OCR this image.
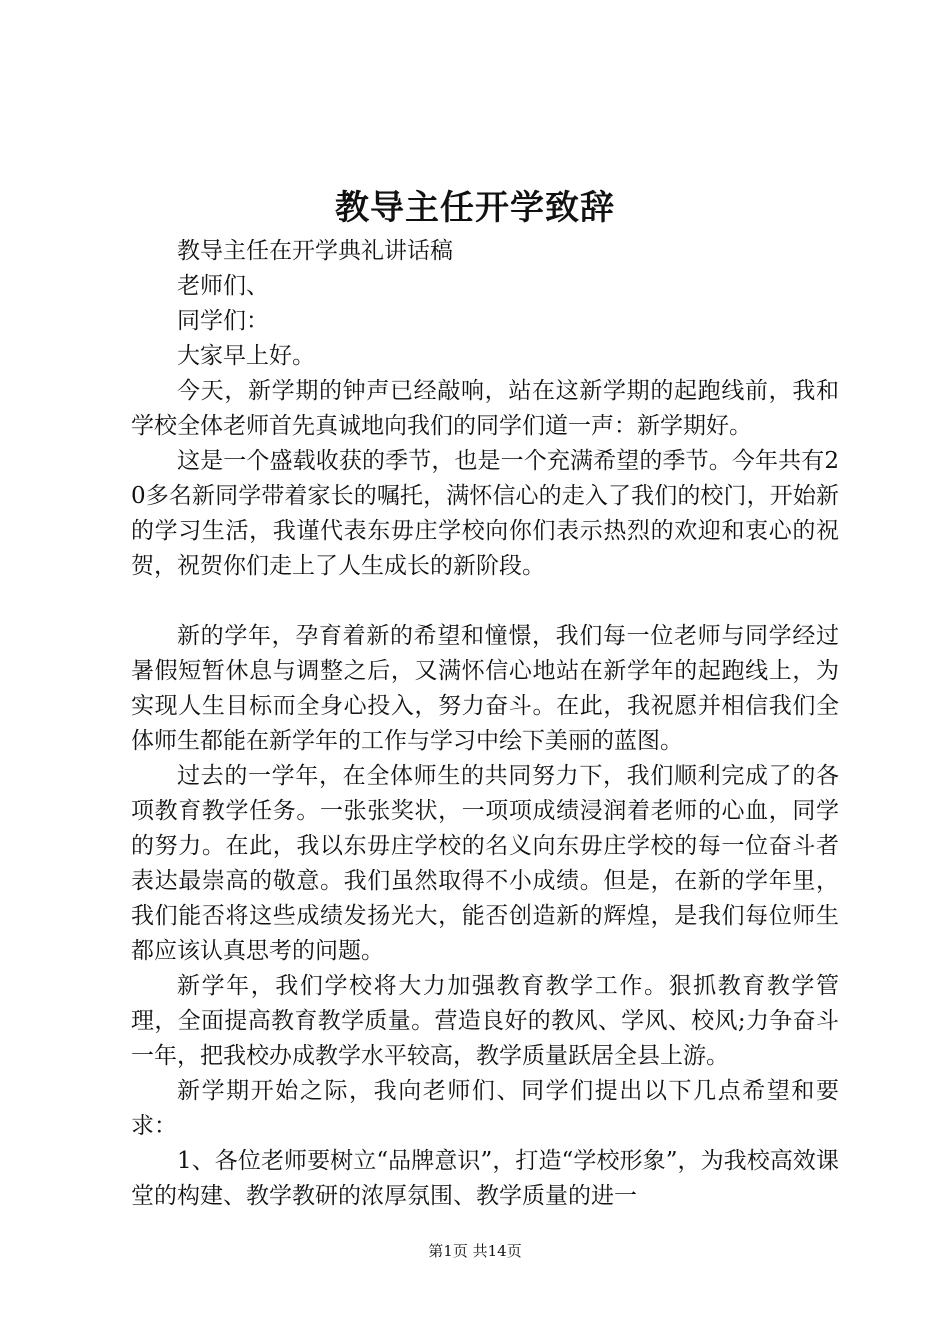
教导主任开学致辞

教导主任在开学典礼讲话稿

老师们、

同学们：

大家早上好。

今天，新学期的钟声已经敲响，站在这新学期的起跑线前，我和学校全体老师首先真诚地向我们的同学们道一声：新学期好。

这是一个盛载收获的季节，也是一个充满希望的季节。今年共有20多名新同学带着家长的嘱托，满怀信心的走入了我们的校门，开始新的学习生活，我谨代表东毋庄学校向你们表示热烈的欢迎和衷心的祝贺，祝贺你们走上了人生成长的新阶段。

新的学年，孕育着新的希望和憧憬，我们每一位老师与同学经过暑假短暂休息与调整之后，又满怀信心地站在新学年的起跑线上，为实现人生目标而全身心投入，努力奋斗。在此，我祝愿并相信我们全体师生都能在新学年的工作与学习中绘下美丽的蓝图。

过去的一学年，在全体师生的共同努力下，我们顺利完成了的各项教育教学任务。一张张奖状，一项项成绩浸润着老师的心血，同学的努力。在此，我以东毋庄学校的名义向东毋庄学校的每一位奋斗者表达最崇高的敬意。我们虽然取得不小成绩。但是，在新的学年里，我们能否将这些成绩发扬光大，能否创造新的辉煌，是我们每位师生都应该认真思考的问题。

新学年，我们学校将大力加强教育教学工作。狠抓教育教学管理，全面提高教育教学质量。营造良好的教风、学风、校风;力争奋斗一年，把我校办成教学水平较高，教学质量跃居全县上游。

新学期开始之际，我向老师们、同学们提出以下几点希望和要求：

1、各位老师要树立“品牌意识”，打造“学校形象”，为我校高效课堂的构建、教学教研的浓厚氛围、教学质量的进一

第1页 共14页
